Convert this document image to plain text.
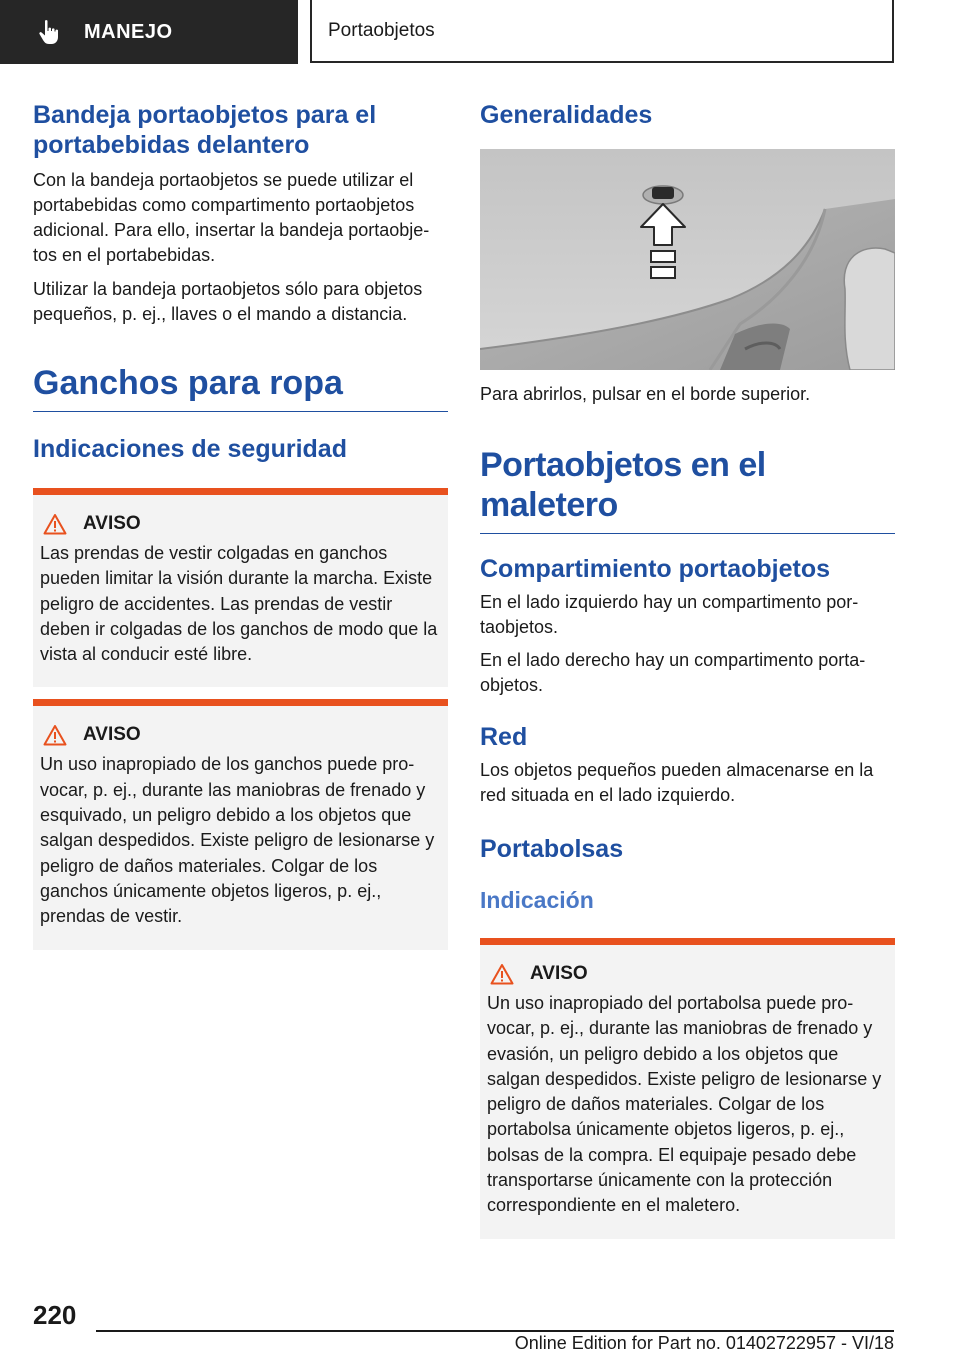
MANEJO	Portaobjetos
Bandeja portaobjetos para el portabebidas delantero

Con la bandeja portaobjetos se puede utilizar el portabebidas como compartimento portaobjetos adicional. Para ello, insertar la bandeja portaobje‐tos en el portabebidas.

Utilizar la bandeja portaobjetos sólo para objetos pequeños, p. ej., llaves o el mando a distancia.

Ganchos para ropa
Indicaciones de seguridad
AVISO

Las prendas de vestir colgadas en ganchos pueden limitar la visión durante la marcha. Existe peligro de accidentes. Las prendas de vestir deben ir colgadas de los ganchos de modo que la vista al conducir esté libre.

AVISO

Un uso inapropiado de los ganchos puede pro‐vocar, p. ej., durante las maniobras de frenado y esquivado, un peligro debido a los objetos que salgan despedidos. Existe peligro de lesionarse y peligro de daños materiales. Colgar de los ganchos únicamente objetos ligeros, p. ej., prendas de vestir.

Generalidades

Para abrirlos, pulsar en el borde superior.

Portaobjetos en el maletero
Compartimiento portaobjetos

En el lado izquierdo hay un compartimento por‐taobjetos.

En el lado derecho hay un compartimento porta‐objetos.

Red

Los objetos pequeños pueden almacenarse en la red situada en el lado izquierdo.

Portabolsas
Indicación
AVISO

Un uso inapropiado del portabolsa puede pro‐vocar, p. ej., durante las maniobras de frenado y evasión, un peligro debido a los objetos que salgan despedidos. Existe peligro de lesionarse y peligro de daños materiales. Colgar de los portabolsa únicamente objetos ligeros, p. ej., bolsas de la compra. El equipaje pesado debe transportarse únicamente con la protección correspondiente en el maletero.

220
Online Edition for Part no. 01402722957 - VI/18
